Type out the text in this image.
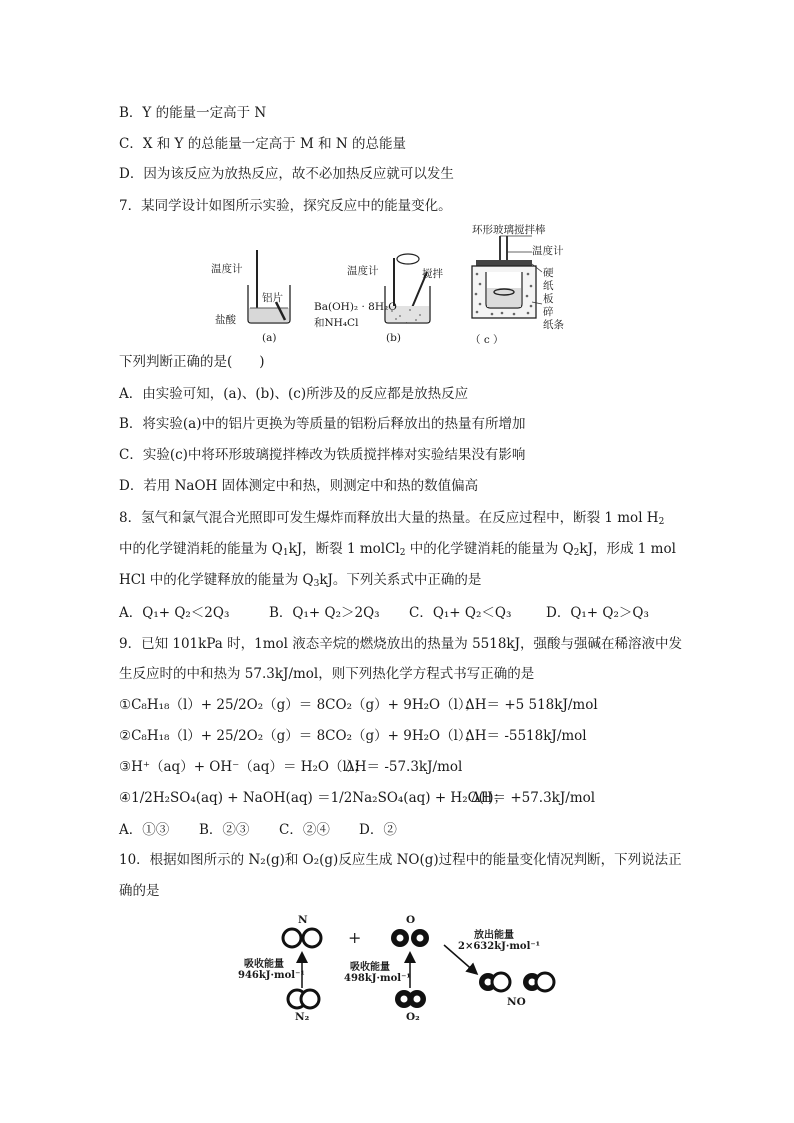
B．Y 的能量一定高于 N
C．X 和 Y 的总能量一定高于 M 和 N 的总能量
D．因为该反应为放热反应，故不必加热反应就可以发生
7．某同学设计如图所示实验，探究反应中的能量变化。
温度计
铝片
盐酸
(a)
温度计	搅拌
Ba(OH)₂ · 8H₂O
和NH₄Cl
(b)
环形玻璃搅拌棒
温度计
硬
纸
板
碎
纸条
（ c ）
下列判断正确的是(　　)
A．由实验可知，(a)、(b)、(c)所涉及的反应都是放热反应
B．将实验(a)中的铝片更换为等质量的铝粉后释放出的热量有所增加
C．实验(c)中将环形玻璃搅拌棒改为铁质搅拌棒对实验结果没有影响
D．若用 NaOH 固体测定中和热，则测定中和热的数值偏高
8．氢气和氯气混合光照即可发生爆炸而释放出大量的热量。在反应过程中，断裂 1 mol $H_2$
中的化学键消耗的能量为 $Q_1kJ$，断裂 1 molCl$_2$ 中的化学键消耗的能量为 $Q_2kJ$，形成 1 mol
HCl 中的化学键释放的能量为 $Q_3kJ$。下列关系式中正确的是
A．Q₁+ Q₂＜2Q₃	B．Q₁+ Q₂＞2Q₃ C．Q₁+ Q₂＜Q₃	D．Q₁+ Q₂＞Q₃
9．已知 101kPa 时，1mol 液态辛烷的燃烧放出的热量为 5518kJ，强酸与强碱在稀溶液中发
生反应时的中和热为 57.3kJ/mol，则下列热化学方程式书写正确的是
①C₈H₁₈（l）+ 25/2O₂（g）＝ 8CO₂（g）+ 9H₂O（l）；ΔH＝ +5 518kJ/mol
②C₈H₁₈（l）+ 25/2O₂（g）＝ 8CO₂（g）+ 9H₂O（l）；ΔH＝ -5518kJ/mol
③H⁺（aq）+ OH⁻（aq）＝ H₂O（l）；ΔH＝ -57.3kJ/mol
④1/2H₂SO₄(aq) + NaOH(aq) ＝1/2Na₂SO₄(aq) + H₂O(l)；ΔH＝ +57.3kJ/mol
A．①③ B．②③ C．②④ D．②
10．根据如图所示的 N₂(g)和 O₂(g)反应生成 NO(g)过程中的能量变化情况判断，下列说法正
确的是
N	O
+
吸收能量
946kJ·mol⁻¹
吸收能量
498kJ·mol⁻¹
放出能量
2×632kJ·mol⁻¹
N₂	O₂
NO
